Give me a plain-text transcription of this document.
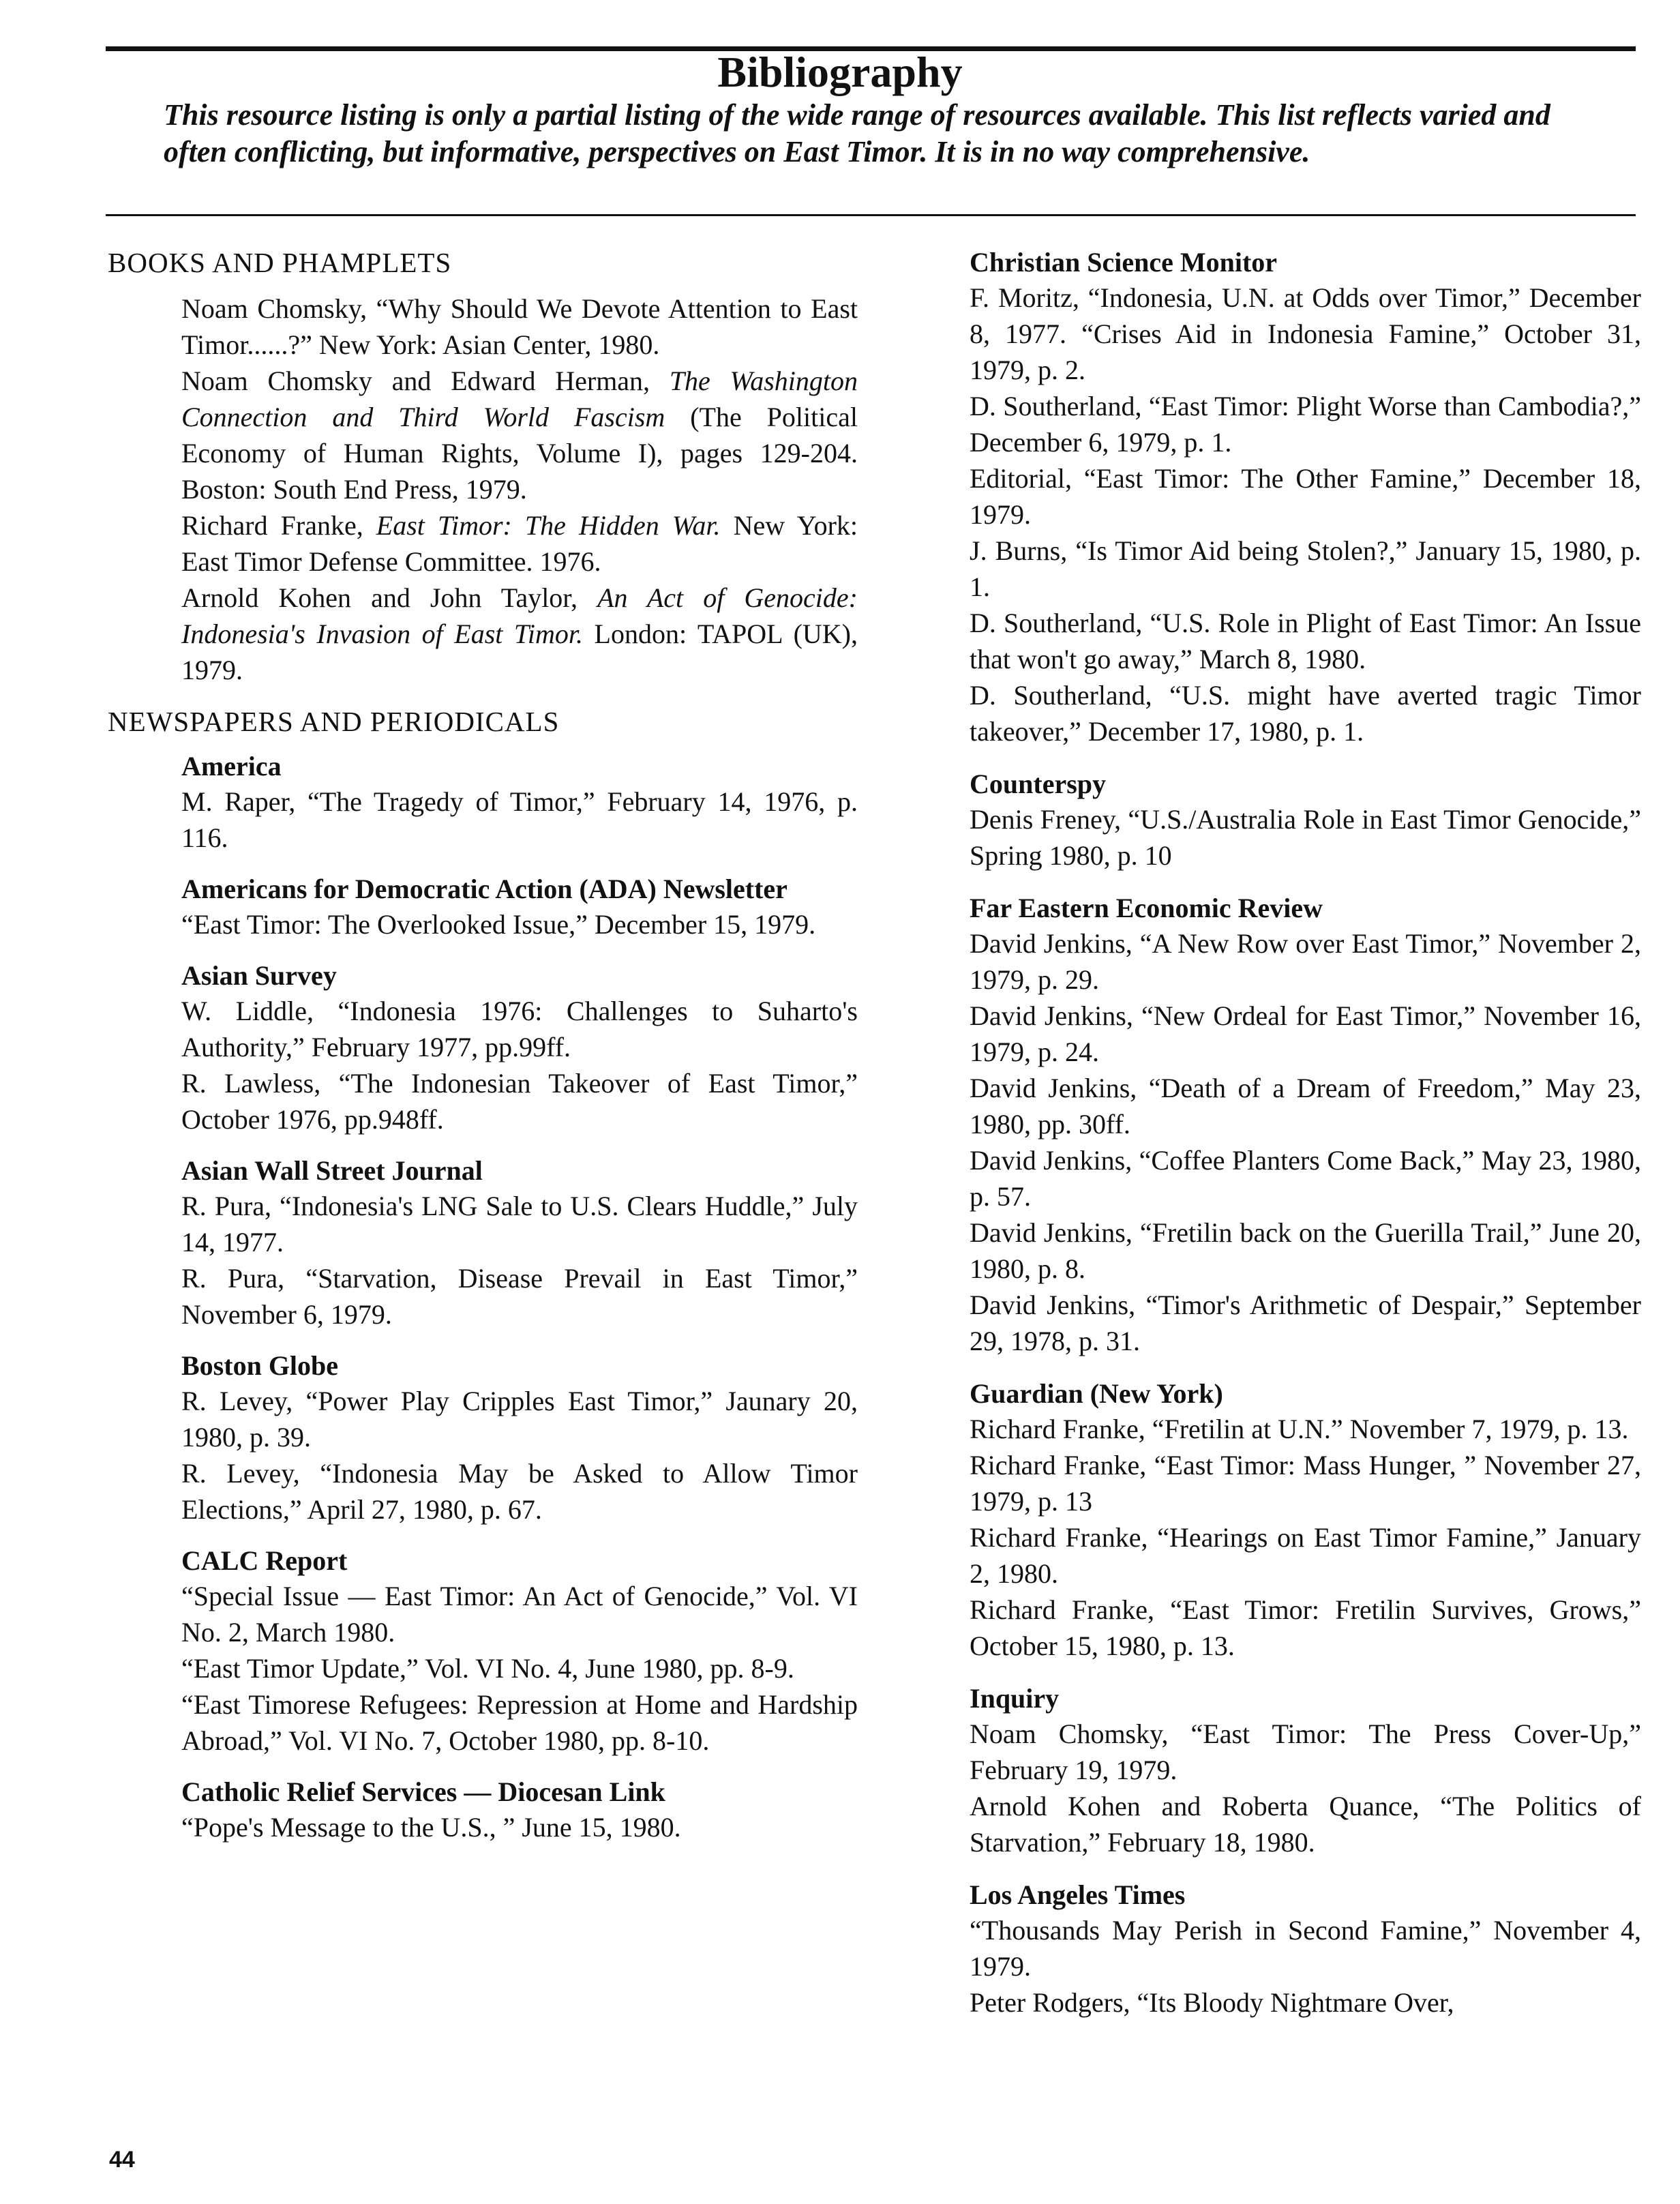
Bibliography
This resource listing is only a partial listing of the wide range of resources available. This list reflects varied and often conflicting, but informative, perspectives on East Timor. It is in no way comprehensive.
BOOKS AND PHAMPLETS
Noam Chomsky, “Why Should We Devote Attention to East Timor......?” New York: Asian Center, 1980.
Noam Chomsky and Edward Herman, The Washington Connection and Third World Fascism (The Political Economy of Human Rights, Volume I), pages 129-204. Boston: South End Press, 1979.
Richard Franke, East Timor: The Hidden War. New York: East Timor Defense Committee. 1976.
Arnold Kohen and John Taylor, An Act of Genocide: Indonesia's Invasion of East Timor. London: TAPOL (UK), 1979.
NEWSPAPERS AND PERIODICALS
America
M. Raper, “The Tragedy of Timor,” February 14, 1976, p. 116.
Americans for Democratic Action (ADA) Newsletter
“East Timor: The Overlooked Issue,” December 15, 1979.
Asian Survey
W. Liddle, “Indonesia 1976: Challenges to Suharto's Authority,” February 1977, pp.99ff.
R. Lawless, “The Indonesian Takeover of East Timor,” October 1976, pp.948ff.
Asian Wall Street Journal
R. Pura, “Indonesia's LNG Sale to U.S. Clears Huddle,” July 14, 1977.
R. Pura, “Starvation, Disease Prevail in East Timor,” November 6, 1979.
Boston Globe
R. Levey, “Power Play Cripples East Timor,” Jaunary 20, 1980, p. 39.
R. Levey, “Indonesia May be Asked to Allow Timor Elections,” April 27, 1980, p. 67.
CALC Report
“Special Issue — East Timor: An Act of Genocide,” Vol. VI No. 2, March 1980.
“East Timor Update,” Vol. VI No. 4, June 1980, pp. 8-9.
“East Timorese Refugees: Repression at Home and Hardship Abroad,” Vol. VI No. 7, October 1980, pp. 8-10.
Catholic Relief Services — Diocesan Link
“Pope's Message to the U.S., ” June 15, 1980.
Christian Science Monitor
F. Moritz, “Indonesia, U.N. at Odds over Timor,” December 8, 1977. “Crises Aid in Indonesia Famine,” October 31, 1979, p. 2.
D. Southerland, “East Timor: Plight Worse than Cambodia?,” December 6, 1979, p. 1.
Editorial, “East Timor: The Other Famine,” December 18, 1979.
J. Burns, “Is Timor Aid being Stolen?,” January 15, 1980, p. 1.
D. Southerland, “U.S. Role in Plight of East Timor: An Issue that won't go away,” March 8, 1980.
D. Southerland, “U.S. might have averted tragic Timor takeover,” December 17, 1980, p. 1.
Counterspy
Denis Freney, “U.S./Australia Role in East Timor Genocide,” Spring 1980, p. 10
Far Eastern Economic Review
David Jenkins, “A New Row over East Timor,” November 2, 1979, p. 29.
David Jenkins, “New Ordeal for East Timor,” November 16, 1979, p. 24.
David Jenkins, “Death of a Dream of Freedom,” May 23, 1980, pp. 30ff.
David Jenkins, “Coffee Planters Come Back,” May 23, 1980, p. 57.
David Jenkins, “Fretilin back on the Guerilla Trail,” June 20, 1980, p. 8.
David Jenkins, “Timor's Arithmetic of Despair,” September 29, 1978, p. 31.
Guardian (New York)
Richard Franke, “Fretilin at U.N.” November 7, 1979, p. 13.
Richard Franke, “East Timor: Mass Hunger, ” November 27, 1979, p. 13
Richard Franke, “Hearings on East Timor Famine,” January 2, 1980.
Richard Franke, “East Timor: Fretilin Survives, Grows,” October 15, 1980, p. 13.
Inquiry
Noam Chomsky, “East Timor: The Press Cover-Up,” February 19, 1979.
Arnold Kohen and Roberta Quance, “The Politics of Starvation,” February 18, 1980.
Los Angeles Times
“Thousands May Perish in Second Famine,” November 4, 1979.
Peter Rodgers, “Its Bloody Nightmare Over,
44
